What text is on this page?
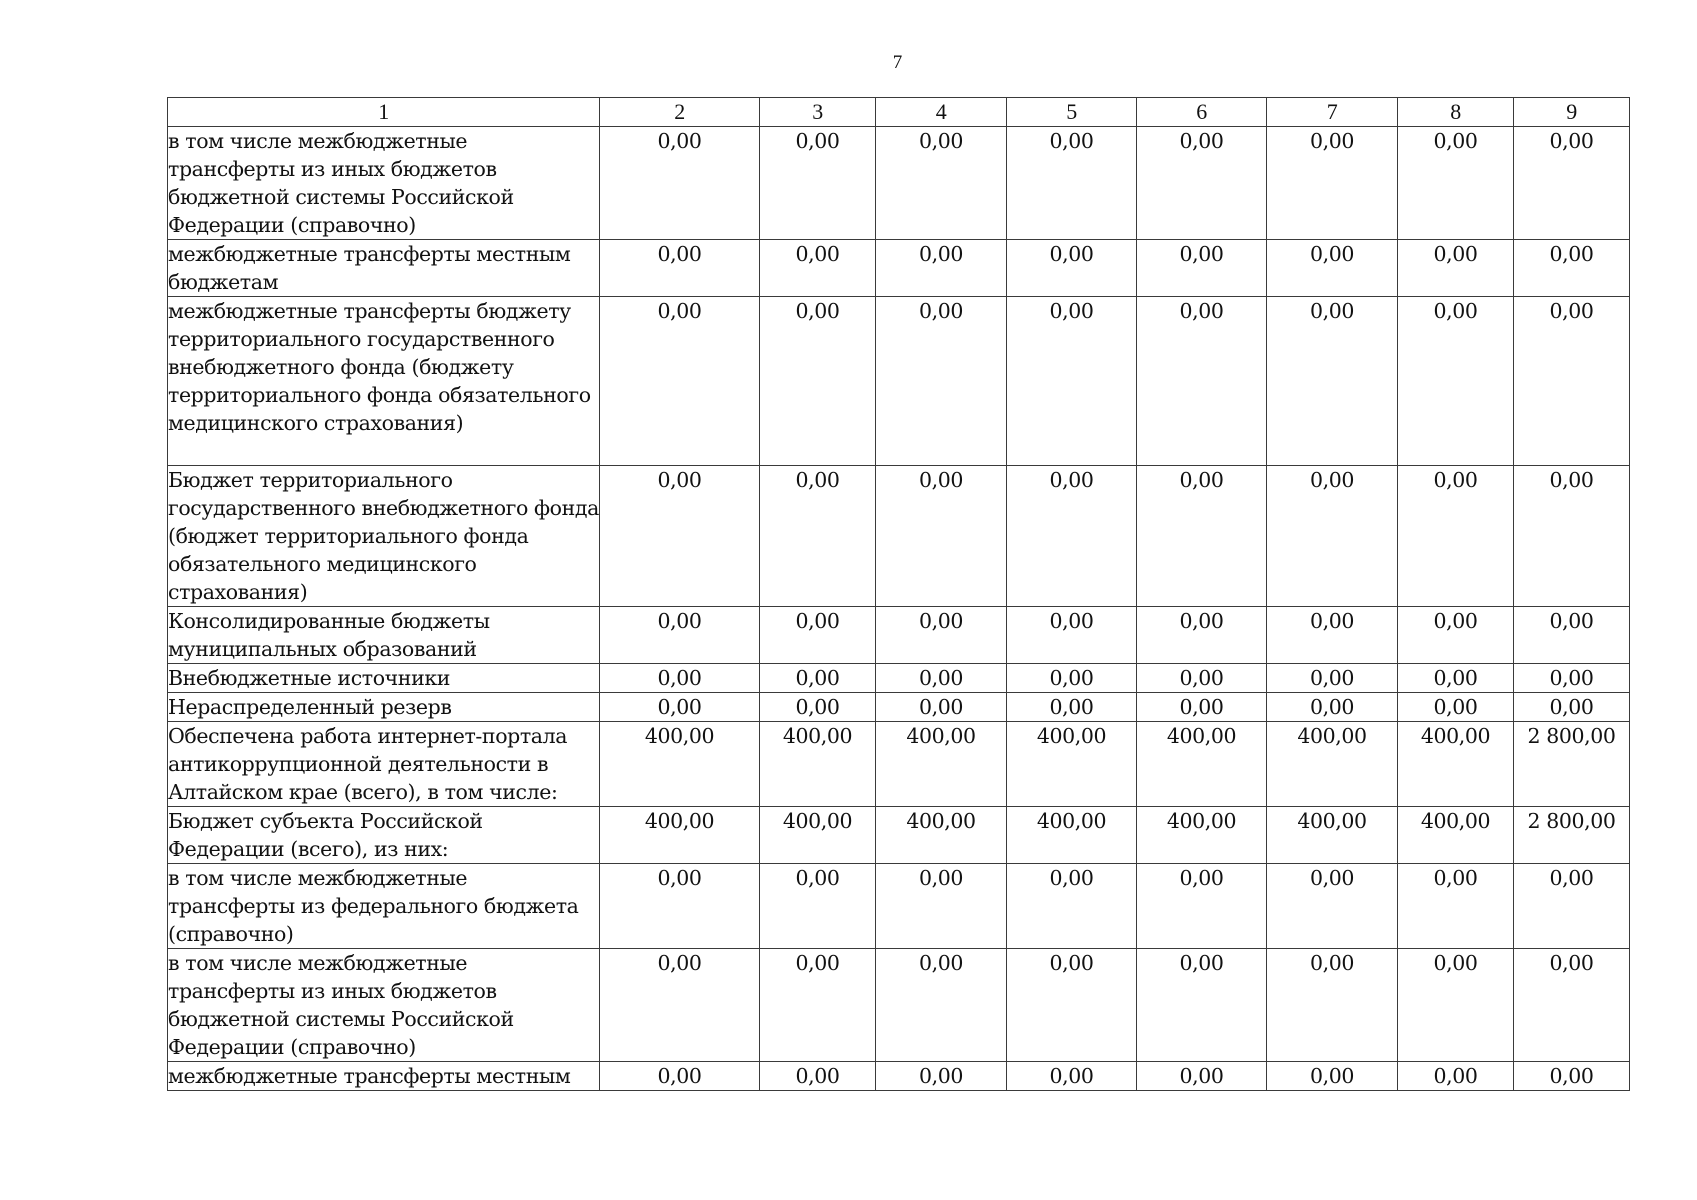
7
1	2	3	4	5	6	7	8	9
в том числе межбюджетные трансферты из иных бюджетов бюджетной системы Российской Федерации (справочно)	0,00	0,00	0,00	0,00	0,00	0,00	0,00	0,00
межбюджетные трансферты местным бюджетам	0,00	0,00	0,00	0,00	0,00	0,00	0,00	0,00
межбюджетные трансферты бюджету территориального государственного внебюджетного фонда (бюджету территориального фонда обязательного медицинского страхования)	0,00	0,00	0,00	0,00	0,00	0,00	0,00	0,00
Бюджет территориального государственного внебюджетного фонда (бюджет территориального фонда обязательного медицинского страхования)	0,00	0,00	0,00	0,00	0,00	0,00	0,00	0,00
Консолидированные бюджеты муниципальных образований	0,00	0,00	0,00	0,00	0,00	0,00	0,00	0,00
Внебюджетные источники	0,00	0,00	0,00	0,00	0,00	0,00	0,00	0,00
Нераспределенный резерв	0,00	0,00	0,00	0,00	0,00	0,00	0,00	0,00
Обеспечена работа интернет-портала антикоррупционной деятельности в Алтайском крае (всего), в том числе:	400,00	400,00	400,00	400,00	400,00	400,00	400,00	2 800,00
Бюджет субъекта Российской Федерации (всего), из них:	400,00	400,00	400,00	400,00	400,00	400,00	400,00	2 800,00
в том числе межбюджетные трансферты из федерального бюджета (справочно)	0,00	0,00	0,00	0,00	0,00	0,00	0,00	0,00
в том числе межбюджетные трансферты из иных бюджетов бюджетной системы Российской Федерации (справочно)	0,00	0,00	0,00	0,00	0,00	0,00	0,00	0,00
межбюджетные трансферты местным	0,00	0,00	0,00	0,00	0,00	0,00	0,00	0,00
